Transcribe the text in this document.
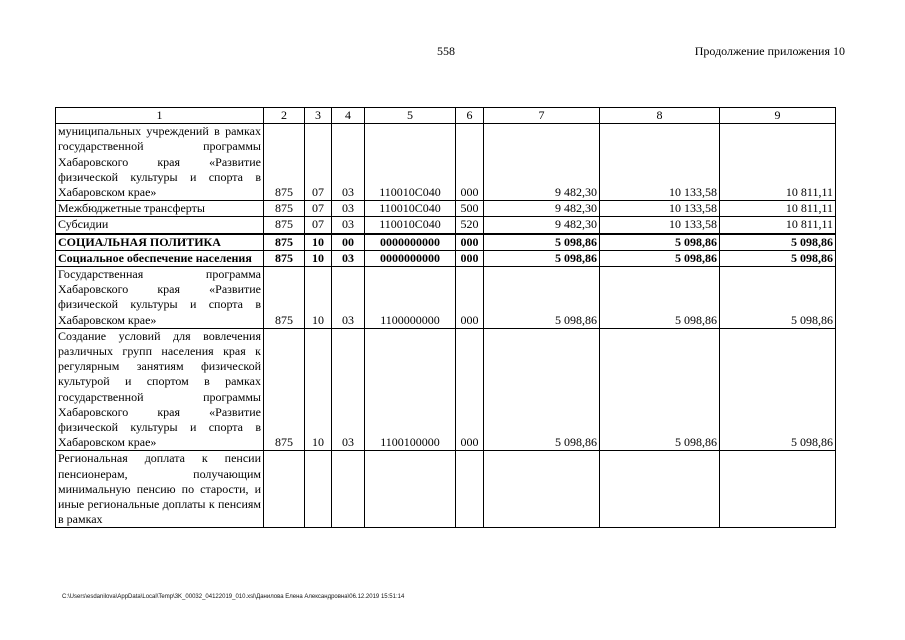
558	Продолжение приложения 10
1	2	3	4	5	6	7	8	9
муниципальных учреждений в рамках государственной программы Хабаровского края «Развитие физической культуры и спорта в Хабаровском крае»	875	07	03	110010С040	000	9 482,30	10 133,58	10 811,11
Межбюджетные трансферты	875	07	03	110010С040	500	9 482,30	10 133,58	10 811,11
Субсидии	875	07	03	110010С040	520	9 482,30	10 133,58	10 811,11
СОЦИАЛЬНАЯ ПОЛИТИКА	875	10	00	0000000000	000	5 098,86	5 098,86	5 098,86
Социальное обеспечение населения	875	10	03	0000000000	000	5 098,86	5 098,86	5 098,86
Государственная программа Хабаровского края «Развитие физической культуры и спорта в Хабаровском крае»	875	10	03	1100000000	000	5 098,86	5 098,86	5 098,86
Создание условий для вовлечения различных групп населения края к регулярным занятиям физической культурой и спортом в рамках государственной программы Хабаровского края «Развитие физической культуры и спорта в Хабаровском крае»	875	10	03	1100100000	000	5 098,86	5 098,86	5 098,86
Региональная доплата к пенсии пенсионерам, получающим минимальную пенсию по старости, и иные региональные доплаты к пенсиям в рамках								
C:\Users\esdanilova\AppData\Local\Temp\3K_00032_04122019_010.xsl\Данилова Елена Александровна\06.12.2019 15:51:14
